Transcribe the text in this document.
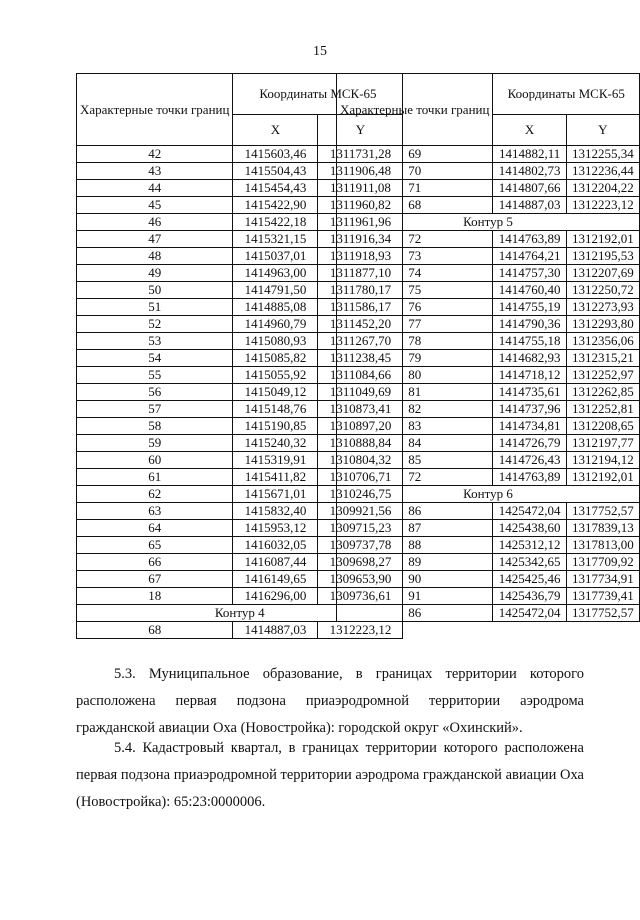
15
Характерные точки границ	Координаты МСК-65	
	X	Y
42	1415603,46	1311731,28
43	1415504,43	1311906,48
44	1415454,43	1311911,08
45	1415422,90	1311960,82
46	1415422,18	1311961,96
47	1415321,15	1311916,34
48	1415037,01	1311918,93
49	1414963,00	1311877,10
50	1414791,50	1311780,17
51	1414885,08	1311586,17
52	1414960,79	1311452,20
53	1415080,93	1311267,70
54	1415085,82	1311238,45
55	1415055,92	1311084,66
56	1415049,12	1311049,69
57	1415148,76	1310873,41
58	1415190,85	1310897,20
59	1415240,32	1310888,84
60	1415319,91	1310804,32
61	1415411,82	1310706,71
62	1415671,01	1310246,75
63	1415832,40	1309921,56
64	1415953,12	1309715,23
65	1416032,05	1309737,78
66	1416087,44	1309698,27
67	1416149,65	1309653,90
18	1416296,00	1309736,61
Контур 4		
68	1414887,03	1312223,12
Характерные точки границ	Координаты МСК-65	
	X	Y
69	1414882,11	1312255,34
70	1414802,73	1312236,44
71	1414807,66	1312204,22
68	1414887,03	1312223,12
Контур 5		
72	1414763,89	1312192,01
73	1414764,21	1312195,53
74	1414757,30	1312207,69
75	1414760,40	1312250,72
76	1414755,19	1312273,93
77	1414790,36	1312293,80
78	1414755,18	1312356,06
79	1414682,93	1312315,21
80	1414718,12	1312252,97
81	1414735,61	1312262,85
82	1414737,96	1312252,81
83	1414734,81	1312208,65
84	1414726,79	1312197,77
85	1414726,43	1312194,12
72	1414763,89	1312192,01
Контур 6		
86	1425472,04	1317752,57
87	1425438,60	1317839,13
88	1425312,12	1317813,00
89	1425342,65	1317709,92
90	1425425,46	1317734,91
91	1425436,79	1317739,41
86	1425472,04	1317752,57
5.3. Муниципальное образование, в границах территории которого расположена первая подзона приаэродромной территории аэродрома гражданской авиации Оха (Новостройка): городской округ «Охинский».
5.4. Кадастровый квартал, в границах территории которого расположена первая подзона приаэродромной территории аэродрома гражданской авиации Оха (Новостройка): 65:23:0000006.
